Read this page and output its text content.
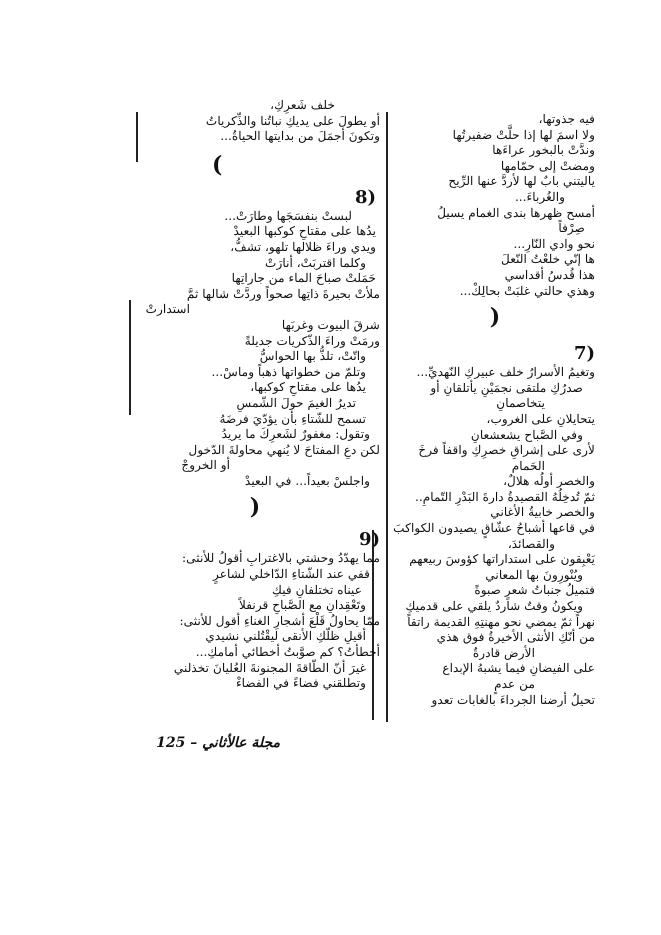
فيه جذوتها،
ولا اسمَ لها إذا حلَّتْ ضفيرتُها
وندَّتْ بالبخور عراءَها
ومضتْ إلى حمّامها
ياليتني بابٌ لها لأردَّ عنها الرِّيح
والغُرباءَ...
أمسح ظهرها بندى الغمام يسيلُ
صِرْفاً
نحو وادي النّارِ...
ها إنّي خلعْتُ النّعلَ
هذا قُدسُ أقداسي
وهذي حالتي غلبَتْ بحالِكْ...
(
7)
وتغيمُ الأسرارُ خلف عبيركِ النّهديِّ...
صدرُكِ ملتقى نجمَيْنِ يأتلقانِ أو
يتخاصمانِ
يتحايلانِ على الغروب،
وفي الصَّباح يشعشعانِ
لأرى على إشراقِ خصرِكِ واقفاً فرخَ
الحَمام
والخصر أولُه هلالٌ،
ثمّ تُدخِلُهُ القصيدةُ دارةَ البَدْرِ التّمامِ..
والخصر خابيةُ الأغاني
في قاعها أشباحُ عشّاقٍ يصيدون الكواكبَ
والقصائدَ،
يَعْبِقون على استداراتها كؤوسَ ربيعهم
ويُنْورِونَ بها المعاني
فتميلُ جنباتُ شعرٍ صبوةً
ويكونُ وقتٌ شاردٌ يلقي على قدميكِ
نهراً ثمّ يمضي نحو مهنتِهِ القديمة راتقاً
من أنّكِ الأنثى الأخيرةُ فوق هذي
الأرض قادرةٌ
على الفيضانِ فيما يشبهُ الإبداع
من عدمٍ
تحيلُ أرضنا الجرداءَ بالغابات تعدو
خلف شَعرِكِ،
أو يطولَ على يديكِ نباتُنا والذِّكرياتُ
وتكونَ أجمَلَ من بدايتها الحياةُ...
)
8)
لبستْ بنفسَجَها وطارَتْ...
يدُها على مقتاحِ كوكبها البعيدْ
ويدي وراءَ ظلالها تلهو، تشفُّ،
وكلما اقتربَتْ، أنارَتْ
حَمَلتْ صباحَ الماء من جاراتِها
ملأتْ بحيرةَ ذاتِها صحواً وردَّتْ شالها ثمَّ
استدارتْ
شرقَ البيوت وغربَها
ورمَتْ وراءَ الذّكريات جديلةً
واتّتْ، تلذُّ بها الحواسُّ
وتلمّ من خطواتها ذهباً وماسْ...
يدُها على مقتاحِ كوكبها،
تديرُ الغيمَ حولَ الشّمسِ
تسمح للشّتاءِ بأن يؤدّيَ فرضَهُ
وتقول: مغفورٌ لشَعرِكَ ما يريدُ
لكن دعِ المفتاحَ لا يُنهي محاولةَ الدّخول
أو الخروجْ
واجلسْ بعيداً... في البعيدْ
(
9)
مما يهدّدُ وحشتي بالاغترابِ أقولُ للأنثى:
قفي عند الشّتاءِ الدّاخلي لشاعرٍ
عيناه تختلفانِ فيكِ
وتَعْقِدانِ مع الصَّباحِ قرنفلاً
ممّا يحاولُ قَلْعَ أشجارِ الغناءِ أقول للأنثى:
أقيلِ ظلّكِ الأنقى ليقْتُلني نشيدي
أخطأتُ؟ كم صوَّبتُ أخطائي أمامكِ...
غيرَ أنّ الطّاقةَ المجنونةَ العُليانَ تخذلني
وتطلقني فضاءً في الفضاءْ
مجلة عالأثاني – 125
